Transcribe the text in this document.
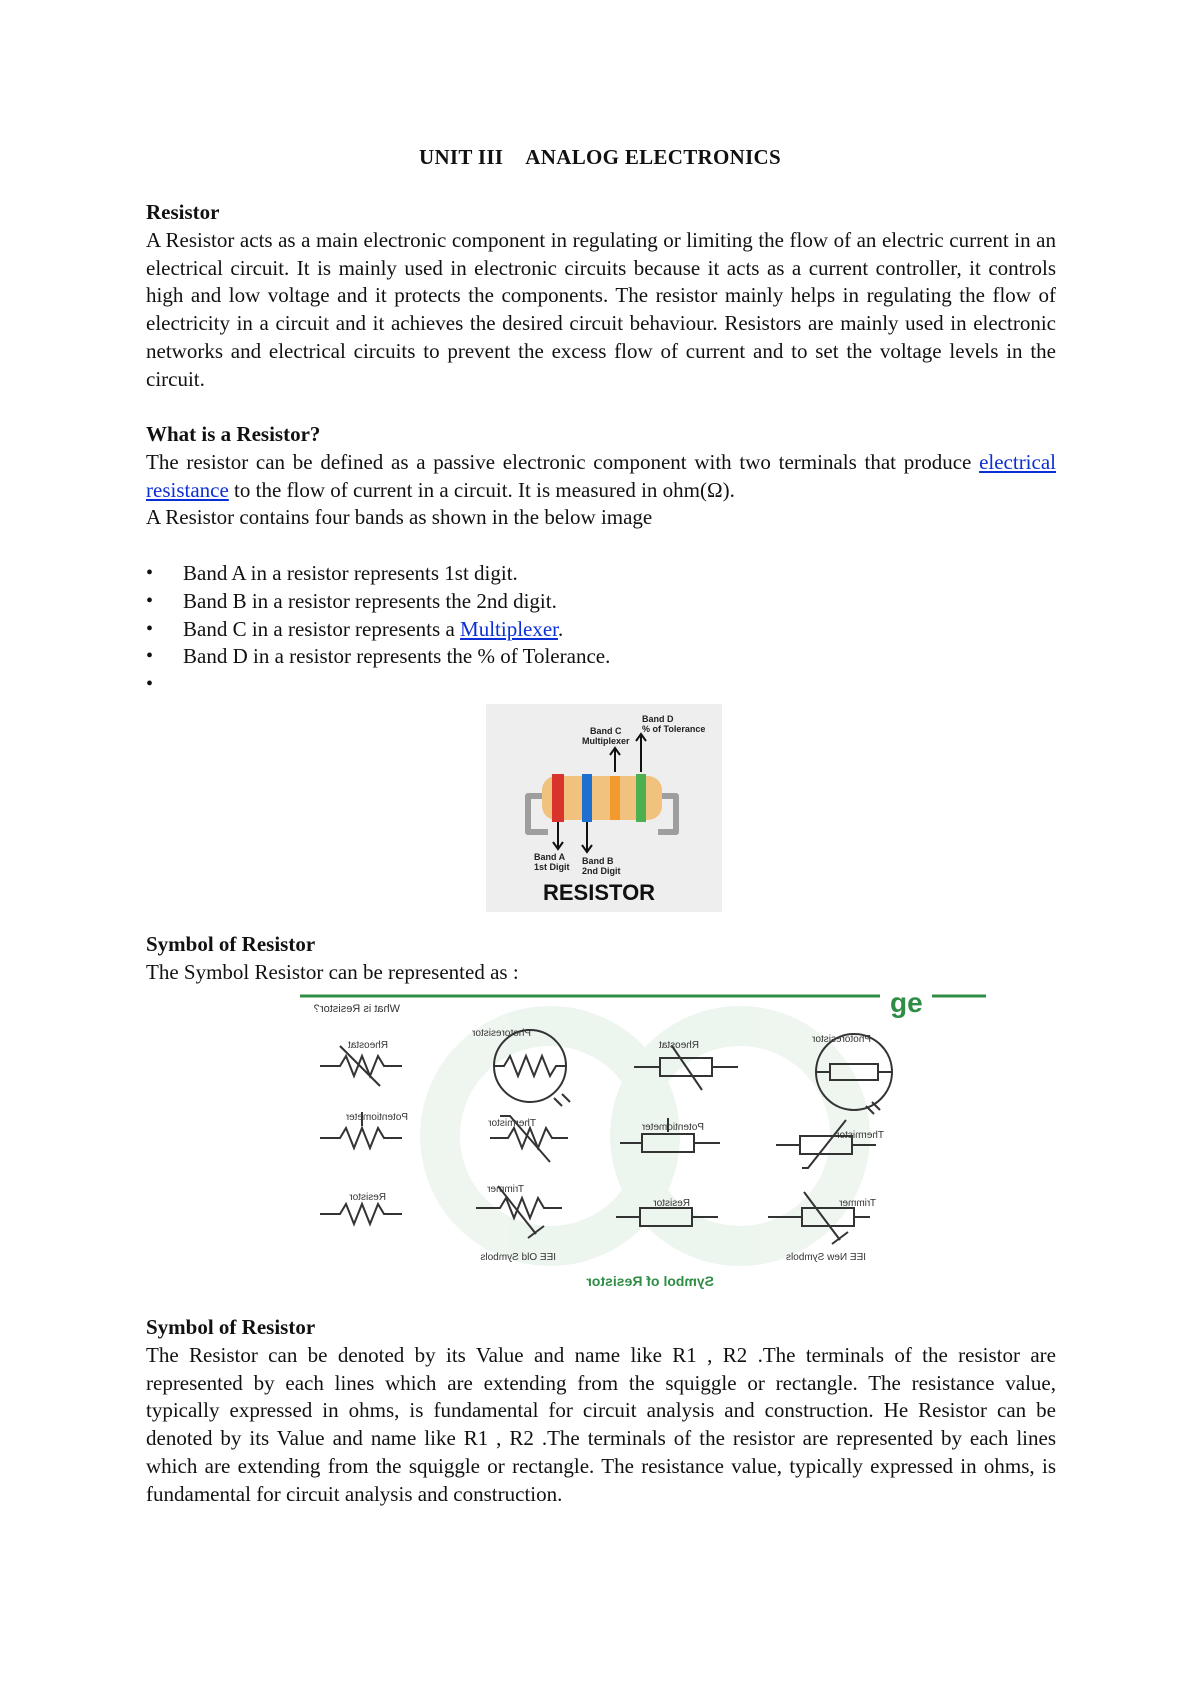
UNIT III ANALOG ELECTRONICS
Resistor

A Resistor acts as a main electronic component in regulating or limiting the flow of an electric current in an electrical circuit. It is mainly used in electronic circuits because it acts as a current controller, it controls high and low voltage and it protects the components. The resistor mainly helps in regulating the flow of electricity in a circuit and it achieves the desired circuit behaviour. Resistors are mainly used in electronic networks and electrical circuits to prevent the excess flow of current and to set the voltage levels in the circuit.

What is a Resistor?

The resistor can be defined as a passive electronic component with two terminals that produce electrical resistance to the flow of current in a circuit. It is measured in ohm(Ω).

A Resistor contains four bands as shown in the below image

• Band A in a resistor represents 1st digit.
• Band B in a resistor represents the 2nd digit.
• Band C in a resistor represents a Multiplexer.
• Band D in a resistor represents the % of Tolerance.
•
Band C
Multiplexer
Band D
% of Tolerance
Band A
1st Digit
Band B
2nd Digit
RESISTOR
Symbol of Resistor

The Symbol Resistor can be represented as :

ge
What is Resistor?
Rheostat
Photoresistor
Rheostat
Photoresistor
Potentiometer
Thermistor	Potentiometer
Thermistor
Resistor
Trimmer
Resistor	Trimmer
IEE Old Symbols	IEE New Symbols
Symbol of Resistor
Symbol of Resistor

The Resistor can be denoted by its Value and name like R1 , R2 .The terminals of the resistor are represented by each lines which are extending from the squiggle or rectangle. The resistance value, typically expressed in ohms, is fundamental for circuit analysis and construction. He Resistor can be denoted by its Value and name like R1 , R2 .The terminals of the resistor are represented by each lines which are extending from the squiggle or rectangle. The resistance value, typically expressed in ohms, is fundamental for circuit analysis and construction.
